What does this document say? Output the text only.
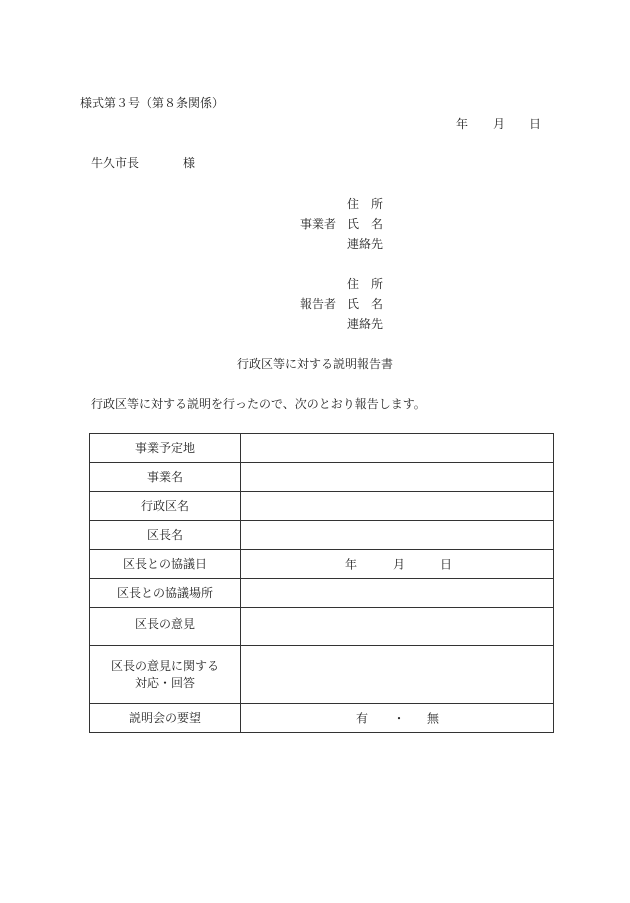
様式第３号（第８条関係）
年 月 日
牛久市長	様
住　所
事業者 氏　名
連絡先
住　所
報告者 氏　名
連絡先
行政区等に対する説明報告書
行政区等に対する説明を行ったので、次のとおり報告します。
事業予定地	
事業名	
行政区名	
区長名	
区長との協議日	年 月 日

区長との協議場所	
区長の意見	

区長の意見に関する
対応・回答	

説明会の要望	有 ・ 無
